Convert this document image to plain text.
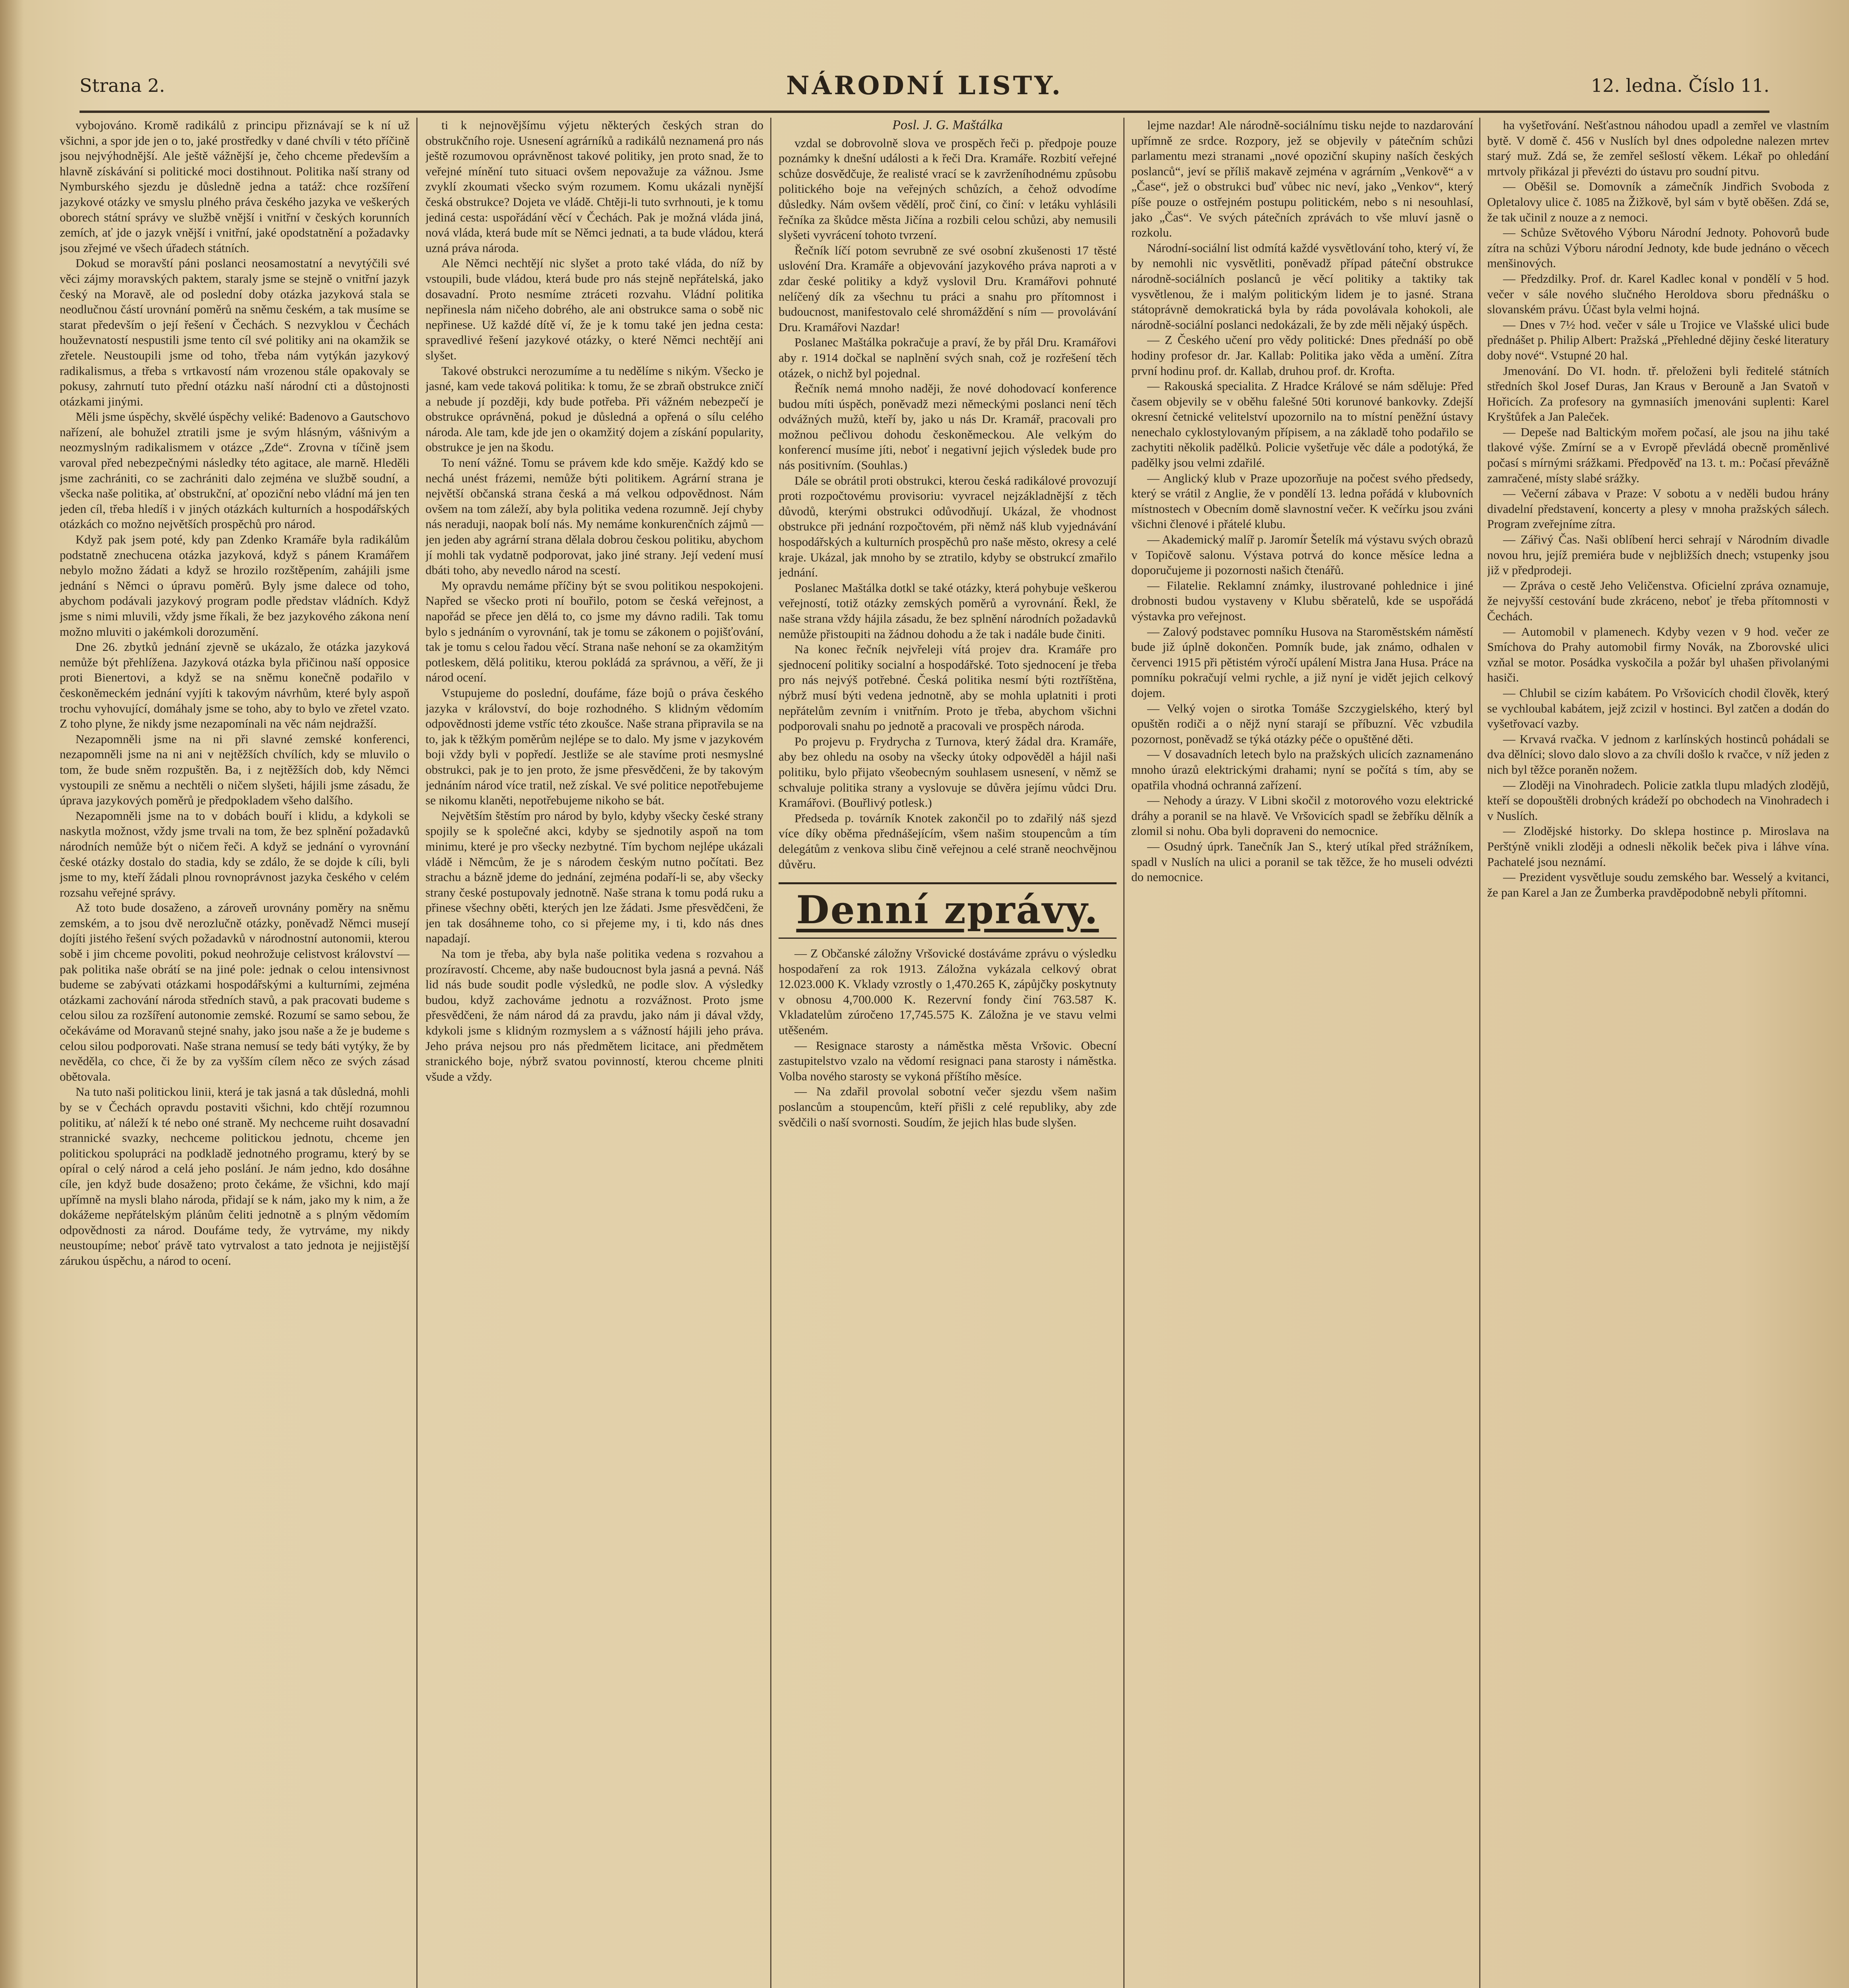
Strana 2.	NÁRODNÍ LISTY.	12. ledna. Číslo 11.

vybojováno. Kromě radikálů z principu přiznávají se k ní už všichni, a spor jde jen o to, jaké prostředky v dané chvíli v této příčině jsou nejvýhodnější. Ale ještě vážnější je, čeho chceme především a hlavně získávání si politické moci dostihnout. Politika naší strany od Nymburského sjezdu je důsledně jedna a tatáž: chce rozšíření jazykové otázky ve smyslu plného práva českého jazyka ve veškerých oborech státní správy ve službě vnější i vnitřní v českých korunních zemích, ať jde o jazyk vnější i vnitřní, jaké opodstatnění a požadavky jsou zřejmé ve všech úřadech státních.

Dokud se moravští páni poslanci neosamostatní a nevytýčili své věci zájmy moravských paktem, staraly jsme se stejně o vnitřní jazyk český na Moravě, ale od poslední doby otázka jazyková stala se neodlučnou částí urovnání poměrů na sněmu českém, a tak musíme se starat především o její řešení v Čechách. S nezvyklou v Čechách houževnatostí nespustili jsme tento cíl své politiky ani na okamžik se zřetele. Neustoupili jsme od toho, třeba nám vytýkán jazykový radikalismus, a třeba s vrtkavostí nám vrozenou stále opakovaly se pokusy, zahrnutí tuto přední otázku naší národní cti a důstojnosti otázkami jinými.

Měli jsme úspěchy, skvělé úspěchy veliké: Badenovo a Gautschovo nařízení, ale bohužel ztratili jsme je svým hlásným, vášnivým a neozmyslným radikalismem v otázce „Zde“. Zrovna v tíčině jsem varoval před nebezpečnými následky této agitace, ale marně. Hleděli jsme zachrániti, co se zachrániti dalo zejména ve službě soudní, a všecka naše politika, ať obstrukční, ať opoziční nebo vládní má jen ten jeden cíl, třeba hledíš i v jiných otázkách kulturních a hospodářských otázkách co možno největších prospěchů pro národ.

Když pak jsem poté, kdy pan Zdenko Kramáře byla radikálům podstatně znechucena otázka jazyková, když s pánem Kramářem nebylo možno žádati a když se hrozilo rozštěpením, zahájili jsme jednání s Němci o úpravu poměrů. Byly jsme dalece od toho, abychom podávali jazykový program podle představ vládních. Když jsme s nimi mluvili, vždy jsme říkali, že bez jazykového zákona není možno mluviti o jakémkoli dorozumění.

Dne 26. zbytků jednání zjevně se ukázalo, že otázka jazyková nemůže být přehlížena. Jazyková otázka byla přičinou naší opposice proti Bienertovi, a když se na sněmu konečně podařilo v českoněmeckém jednání vyjíti k takovým návrhům, které byly aspoň trochu vyhovující, domáhaly jsme se toho, aby to bylo ve zřetel vzato. Z toho plyne, že nikdy jsme nezapomínali na věc nám nejdražší.

Nezapomněli jsme na ni při slavné zemské konferenci, nezapomněli jsme na ni ani v nejtěžších chvílích, kdy se mluvilo o tom, že bude sněm rozpuštěn. Ba, i z nejtěžších dob, kdy Němci vystoupili ze sněmu a nechtěli o ničem slyšeti, hájili jsme zásadu, že úprava jazykových poměrů je předpokladem všeho dalšího.

Nezapomněli jsme na to v dobách bouří i klidu, a kdykoli se naskytla možnost, vždy jsme trvali na tom, že bez splnění požadavků národních nemůže být o ničem řeči. A když se jednání o vyrovnání české otázky dostalo do stadia, kdy se zdálo, že se dojde k cíli, byli jsme to my, kteří žádali plnou rovnoprávnost jazyka českého v celém rozsahu veřejné správy.

Až toto bude dosaženo, a zároveň urovnány poměry na sněmu zemském, a to jsou dvě nerozlučně otázky, poněvadž Němci musejí dojíti jistého řešení svých požadavků v národnostní autonomii, kterou sobě i jim chceme povoliti, pokud neohrožuje celistvost království — pak politika naše obrátí se na jiné pole: jednak o celou intensivnost budeme se zabývati otázkami hospodářskými a kulturními, zejména otázkami zachování národa středních stavů, a pak pracovati budeme s celou silou za rozšíření autonomie zemské. Rozumí se samo sebou, že očekáváme od Moravanů stejné snahy, jako jsou naše a že je budeme s celou silou podporovati. Naše strana nemusí se tedy báti vytýky, že by nevěděla, co chce, či že by za vyšším cílem něco ze svých zásad obětovala.

Na tuto naši politickou linii, která je tak jasná a tak důsledná, mohli by se v Čechách opravdu postaviti všichni, kdo chtějí rozumnou politiku, ať náleží k té nebo oné straně. My nechceme ruiht dosavadní strannické svazky, nechceme politickou jednotu, chceme jen politickou spolupráci na podkladě jednotného programu, který by se opíral o celý národ a celá jeho poslání. Je nám jedno, kdo dosáhne cíle, jen když bude dosaženo; proto čekáme, že všichni, kdo mají upřímně na mysli blaho národa, přidají se k nám, jako my k nim, a že dokážeme nepřátelským plánům čeliti jednotně a s plným vědomím odpovědnosti za národ. Doufáme tedy, že vytrváme, my nikdy neustoupíme; neboť právě tato vytrvalost a tato jednota je nejjistější zárukou úspěchu, a národ to ocení.

ti k nejnovějšímu výjetu některých českých stran do obstrukčního roje. Usnesení agrárníků a radikálů neznamená pro nás ještě rozumovou oprávněnost takové politiky, jen proto snad, že to veřejné mínění tuto situaci ovšem nepovažuje za vážnou. Jsme zvyklí zkoumati všecko svým rozumem. Komu ukázali nynější česká obstrukce? Dojeta ve vládě. Chtěji-li tuto svrhnouti, je k tomu jediná cesta: uspořádání věcí v Čechách. Pak je možná vláda jiná, nová vláda, která bude mít se Němci jednati, a ta bude vládou, která uzná práva národa.

Ale Němci nechtějí nic slyšet a proto také vláda, do níž by vstoupili, bude vládou, která bude pro nás stejně nepřátelská, jako dosavadní. Proto nesmíme ztráceti rozvahu. Vládní politika nepřinesla nám ničeho dobrého, ale ani obstrukce sama o sobě nic nepřinese. Už každé dítě ví, že je k tomu také jen jedna cesta: spravedlivé řešení jazykové otázky, o které Němci nechtějí ani slyšet.

Takové obstrukci nerozumíme a tu nedělíme s nikým. Všecko je jasné, kam vede taková politika: k tomu, že se zbraň obstrukce zničí a nebude jí později, kdy bude potřeba. Při vážném nebezpečí je obstrukce oprávněná, pokud je důsledná a opřená o sílu celého národa. Ale tam, kde jde jen o okamžitý dojem a získání popularity, obstrukce je jen na škodu.

To není vážné. Tomu se právem kde kdo směje. Každý kdo se nechá unést frázemi, nemůže býti politikem. Agrární strana je největší občanská strana česká a má velkou odpovědnost. Nám ovšem na tom záleží, aby byla politika vedena rozumně. Její chyby nás neraduji, naopak bolí nás. My nemáme konkurenčních zájmů — jen jeden aby agrární strana dělala dobrou českou politiku, abychom jí mohli tak vydatně podporovat, jako jiné strany. Její vedení musí dbáti toho, aby nevedlo národ na scestí.

My opravdu nemáme příčiny být se svou politikou nespokojeni. Napřed se všecko proti ní bouřilo, potom se česká veřejnost, a napořád se přece jen dělá to, co jsme my dávno radili. Tak tomu bylo s jednáním o vyrovnání, tak je tomu se zákonem o pojišťování, tak je tomu s celou řadou věcí. Strana naše nehoní se za okamžitým potleskem, dělá politiku, kterou pokládá za správnou, a věří, že ji národ ocení.

Vstupujeme do poslední, doufáme, fáze bojů o práva českého jazyka v království, do boje rozhodného. S klidným vědomím odpovědnosti jdeme vstříc této zkoušce. Naše strana připravila se na to, jak k těžkým poměrům nejlépe se to dalo. My jsme v jazykovém boji vždy byli v popředí. Jestliže se ale stavíme proti nesmyslné obstrukci, pak je to jen proto, že jsme přesvědčeni, že by takovým jednáním národ více tratil, než získal. Ve své politice nepotřebujeme se nikomu klaněti, nepotřebujeme nikoho se bát.

Největším štěstím pro národ by bylo, kdyby všecky české strany spojily se k společné akci, kdyby se sjednotily aspoň na tom minimu, které je pro všecky nezbytné. Tím bychom nejlépe ukázali vládě i Němcům, že je s národem českým nutno počítati. Bez strachu a bázně jdeme do jednání, zejména podaří-li se, aby všecky strany české postupovaly jednotně. Naše strana k tomu podá ruku a přinese všechny oběti, kterých jen lze žádati. Jsme přesvědčeni, že jen tak dosáhneme toho, co si přejeme my, i ti, kdo nás dnes napadají.

Na tom je třeba, aby byla naše politika vedena s rozvahou a prozíravostí. Chceme, aby naše budoucnost byla jasná a pevná. Náš lid nás bude soudit podle výsledků, ne podle slov. A výsledky budou, když zachováme jednotu a rozvážnost. Proto jsme přesvědčeni, že nám národ dá za pravdu, jako nám ji dával vždy, kdykoli jsme s klidným rozmyslem a s vážností hájili jeho práva. Jeho práva nejsou pro nás předmětem licitace, ani předmětem stranického boje, nýbrž svatou povinností, kterou chceme plniti všude a vždy.

Posl. J. G. Maštálka

vzdal se dobrovolně slova ve prospěch řeči p. předpoje pouze poznámky k dnešní události a k řeči Dra. Kramáře. Rozbití veřejné schůze dosvědčuje, že realisté vrací se k zavrženíhodnému způsobu politického boje na veřejných schůzích, a čehož odvodíme důsledky. Nám ovšem vědělí, proč činí, co činí: v letáku vyhlásili řečníka za škůdce města Jičína a rozbili celou schůzi, aby nemusili slyšeti vyvrácení tohoto tvrzení.

Řečník líčí potom sevrubně ze své osobní zkušenosti 17 těsté uslovéní Dra. Kramáře a objevování jazykového práva naproti a v zdar české politiky a když vyslovil Dru. Kramářovi pohnuté nelíčený dík za všechnu tu práci a snahu pro přítomnost i budoucnost, manifestovalo celé shromáždění s ním — provolávání Dru. Kramářovi Nazdar!

Poslanec Maštálka pokračuje a praví, že by přál Dru. Kramářovi aby r. 1914 dočkal se naplnění svých snah, což je rozřešení těch otázek, o nichž byl pojednal.

Řečník nemá mnoho naději, že nové dohodovací konference budou míti úspěch, poněvadž mezi německými poslanci není těch odvážných mužů, kteří by, jako u nás Dr. Kramář, pracovali pro možnou pečlivou dohodu českoněmeckou. Ale velkým do konferencí musíme jíti, neboť i negativní jejich výsledek bude pro nás positivním. (Souhlas.)

Dále se obrátil proti obstrukci, kterou česká radikálové provozují proti rozpočtovému provisoriu: vyvracel nejzákladnější z těch důvodů, kterými obstrukci odůvodňují. Ukázal, že vhodnost obstrukce při jednání rozpočtovém, při němž náš klub vyjednávání hospodářských a kulturních prospěchů pro naše město, okresy a celé kraje. Ukázal, jak mnoho by se ztratilo, kdyby se obstrukcí zmařilo jednání.

Poslanec Maštálka dotkl se také otázky, která pohybuje veškerou veřejností, totiž otázky zemských poměrů a vyrovnání. Řekl, že naše strana vždy hájila zásadu, že bez splnění národních požadavků nemůže přistoupiti na žádnou dohodu a že tak i nadále bude činiti.

Na konec řečník nejvřeleji vítá projev dra. Kramáře pro sjednocení politiky socialní a hospodářské. Toto sjednocení je třeba pro nás nejvýš potřebné. Česká politika nesmí býti roztříštěna, nýbrž musí býti vedena jednotně, aby se mohla uplatniti i proti nepřátelům zevním i vnitřním. Proto je třeba, abychom všichni podporovali snahu po jednotě a pracovali ve prospěch národa.

Po projevu p. Frydrycha z Turnova, který žádal dra. Kramáře, aby bez ohledu na osoby na všecky útoky odpověděl a hájil naši politiku, bylo přijato všeobecným souhlasem usnesení, v němž se schvaluje politika strany a vyslovuje se důvěra jejímu vůdci Dru. Kramářovi. (Bouřlivý potlesk.)

Předseda p. továrník Knotek zakončil po to zdařilý náš sjezd více díky oběma přednášejícím, všem našim stoupencům a tím delegátům z venkova slibu čině veřejnou a celé straně neochvějnou důvěru.

Denní zprávy.

— Z Občanské záložny Vršovické dostáváme zprávu o výsledku hospodaření za rok 1913. Záložna vykázala celkový obrat 12.023.000 K. Vklady vzrostly o 1,470.265 K, zápůjčky poskytnuty v obnosu 4,700.000 K. Rezervní fondy činí 763.587 K. Vkladatelům zúročeno 17,745.575 K. Záložna je ve stavu velmi utěšeném.

— Resignace starosty a náměstka města Vršovic. Obecní zastupitelstvo vzalo na vědomí resignaci pana starosty i náměstka. Volba nového starosty se vykoná příštího měsíce.

— Na zdařil provolal sobotní večer sjezdu všem našim poslancům a stoupencům, kteří přišli z celé republiky, aby zde svědčili o naší svornosti. Soudím, že jejich hlas bude slyšen.

lejme nazdar! Ale národně-sociálnímu tisku nejde to nazdarování upřímně ze srdce. Rozpory, jež se objevily v pátečním schůzi parlamentu mezi stranami „nové opoziční skupiny naších českých poslanců“, jeví se příliš makavě zejména v agrárním „Venkově“ a v „Čase“, jež o obstrukci buď vůbec nic neví, jako „Venkov“, který píše pouze o ostřejném postupu politickém, nebo s ni nesouhlasí, jako „Čas“. Ve svých pátečních zprávách to vše mluví jasně o rozkolu.

Národní-sociální list odmítá každé vysvětlování toho, který ví, že by nemohli nic vysvětliti, poněvadž případ páteční obstrukce národně-sociálních poslanců je věcí politiky a taktiky tak vysvětlenou, že i malým politickým lidem je to jasné. Strana státoprávně demokratická byla by ráda povolávala kohokoli, ale národně-sociální poslanci nedokázali, že by zde měli nějaký úspěch.

— Z Českého učení pro vědy politické: Dnes přednáší po obě hodiny profesor dr. Jar. Kallab: Politika jako věda a umění. Zítra první hodinu prof. dr. Kallab, druhou prof. dr. Krofta.

— Rakouská specialita. Z Hradce Králové se nám sděluje: Před časem objevily se v oběhu falešné 50ti korunové bankovky. Zdejší okresní četnické velitelství upozornilo na to místní peněžní ústavy nenechalo cyklostylovaným přípisem, a na základě toho podařilo se zachytiti několik padělků. Policie vyšetřuje věc dále a podotýká, že padělky jsou velmi zdařilé.

— Anglický klub v Praze upozorňuje na počest svého předsedy, který se vrátil z Anglie, že v pondělí 13. ledna pořádá v klubovních místnostech v Obecním domě slavnostní večer. K večírku jsou zváni všichni členové i přátelé klubu.

— Akademický malíř p. Jaromír Šetelík má výstavu svých obrazů v Topičově salonu. Výstava potrvá do konce měsíce ledna a doporučujeme ji pozornosti našich čtenářů.

— Filatelie. Reklamní známky, ilustrované pohlednice i jiné drobnosti budou vystaveny v Klubu sběratelů, kde se uspořádá výstavka pro veřejnost.

— Zalový podstavec pomníku Husova na Staroměstském náměstí bude již úplně dokončen. Pomník bude, jak známo, odhalen v červenci 1915 při pětistém výročí upálení Mistra Jana Husa. Práce na pomníku pokračují velmi rychle, a již nyní je vidět jejich celkový dojem.

— Velký vojen o sirotka Tomáše Szczygielského, který byl opuštěn rodiči a o nějž nyní starají se příbuzní. Věc vzbudila pozornost, poněvadž se týká otázky péče o opuštěné děti.

— V dosavadních letech bylo na pražských ulicích zaznamenáno mnoho úrazů elektrickými drahami; nyní se počítá s tím, aby se opatřila vhodná ochranná zařízení.

— Nehody a úrazy. V Libni skočil z motorového vozu elektrické dráhy a poranil se na hlavě. Ve Vršovicích spadl se žebříku dělník a zlomil si nohu. Oba byli dopraveni do nemocnice.

— Osudný úprk. Tanečník Jan S., který utíkal před strážníkem, spadl v Nuslích na ulici a poranil se tak těžce, že ho museli odvézti do nemocnice.

ha vyšetřování. Nešťastnou náhodou upadl a zemřel ve vlastním bytě. V domě č. 456 v Nuslích byl dnes odpoledne nalezen mrtev starý muž. Zdá se, že zemřel sešlostí věkem. Lékař po ohledání mrtvoly přikázal ji převézti do ústavu pro soudní pitvu.

— Oběšil se. Domovník a zámečník Jindřich Svoboda z Opletalovy ulice č. 1085 na Žižkově, byl sám v bytě oběšen. Zdá se, že tak učinil z nouze a z nemoci.

— Schůze Světového Výboru Národní Jednoty. Pohovorů bude zítra na schůzi Výboru národní Jednoty, kde bude jednáno o věcech menšinových.

— Předzdilky. Prof. dr. Karel Kadlec konal v pondělí v 5 hod. večer v sále nového slučného Heroldova sboru přednášku o slovanském právu. Účast byla velmi hojná.

— Dnes v 7½ hod. večer v sále u Trojice ve Vlašské ulici bude přednášet p. Philip Albert: Pražská „Přehledné dějiny české literatury doby nové“. Vstupné 20 hal.

Jmenování. Do VI. hodn. tř. přeloženi byli ředitelé státních středních škol Josef Duras, Jan Kraus v Berouně a Jan Svatoň v Hořicích. Za profesory na gymnasiích jmenováni suplenti: Karel Kryštůfek a Jan Paleček.

— Depeše nad Baltickým mořem počasí, ale jsou na jihu také tlakové výše. Zmírní se a v Evropě převládá obecně proměnlivé počasí s mírnými srážkami. Předpověď na 13. t. m.: Počasí převážně zamračené, místy slabé srážky.

— Večerní zábava v Praze: V sobotu a v neděli budou hrány divadelní představení, koncerty a plesy v mnoha pražských sálech. Program zveřejníme zítra.

— Zářivý Čas. Naši oblíbení herci sehrají v Národním divadle novou hru, jejíž premiéra bude v nejbližších dnech; vstupenky jsou již v předprodeji.

— Zpráva o cestě Jeho Veličenstva. Oficielní zpráva oznamuje, že nejvyšší cestování bude zkráceno, neboť je třeba přítomnosti v Čechách.

— Automobil v plamenech. Kdyby vezen v 9 hod. večer ze Smíchova do Prahy automobil firmy Novák, na Zborovské ulici vzňal se motor. Posádka vyskočila a požár byl uhašen přivolanými hasiči.

— Chlubil se cizím kabátem. Po Vršovicích chodil člověk, který se vychloubal kabátem, jejž zcizil v hostinci. Byl zatčen a dodán do vyšetřovací vazby.

— Krvavá rvačka. V jednom z karlínských hostinců pohádali se dva dělníci; slovo dalo slovo a za chvíli došlo k rvačce, v níž jeden z nich byl těžce poraněn nožem.

— Zloději na Vinohradech. Policie zatkla tlupu mladých zlodějů, kteří se dopouštěli drobných krádeží po obchodech na Vinohradech i v Nuslích.

— Zlodějské historky. Do sklepa hostince p. Miroslava na Perštýně vnikli zloději a odnesli několik beček piva i láhve vína. Pachatelé jsou neznámí.

— Prezident vysvětluje soudu zemského bar. Wesselý a kvitanci, že pan Karel a Jan ze Žumberka pravděpodobně nebyli přítomni.
